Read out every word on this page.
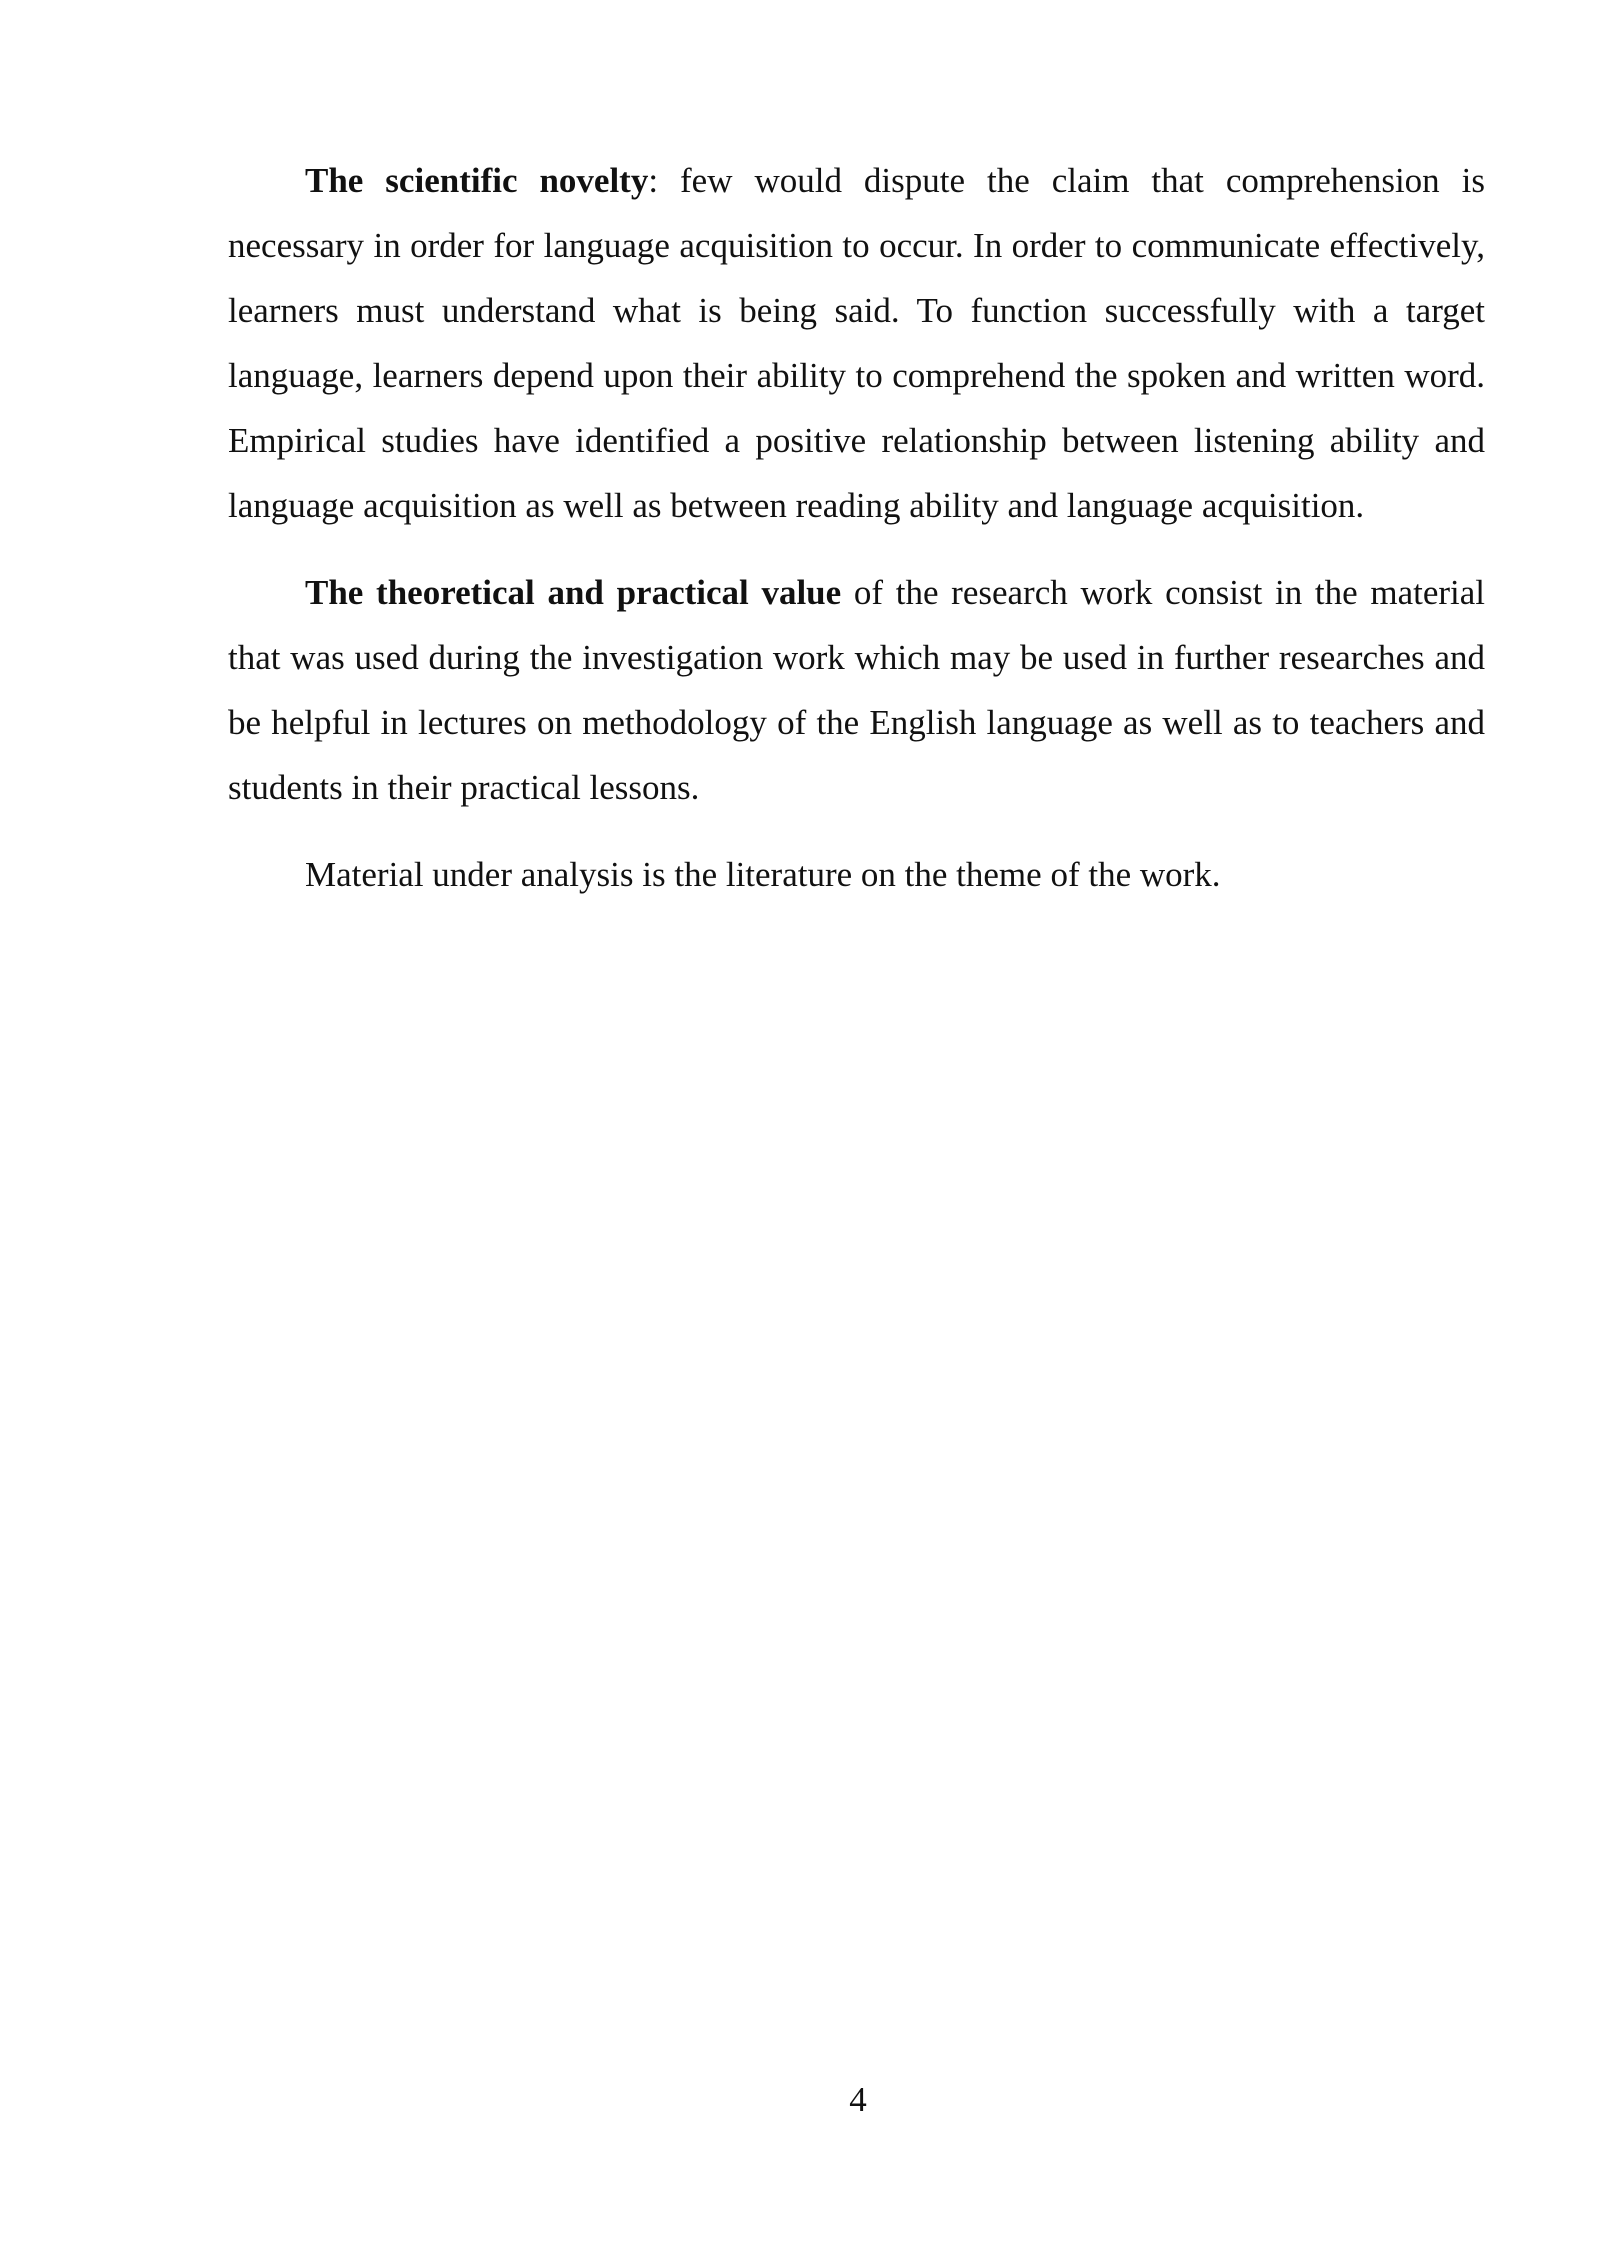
The scientific novelty: few would dispute the claim that comprehension is necessary in order for language acquisition to occur. In order to communicate effectively, learners must understand what is being said. To function successfully with a target language, learners depend upon their ability to comprehend the spoken and written word. Empirical studies have identified a positive relationship between listening ability and language acquisition as well as between reading ability and language acquisition.

The theoretical and practical value of the research work consist in the material that was used during the investigation work which may be used in further researches and be helpful in lectures on methodology of the English language as well as to teachers and students in their practical lessons.

Material under analysis is the literature on the theme of the work.

4
